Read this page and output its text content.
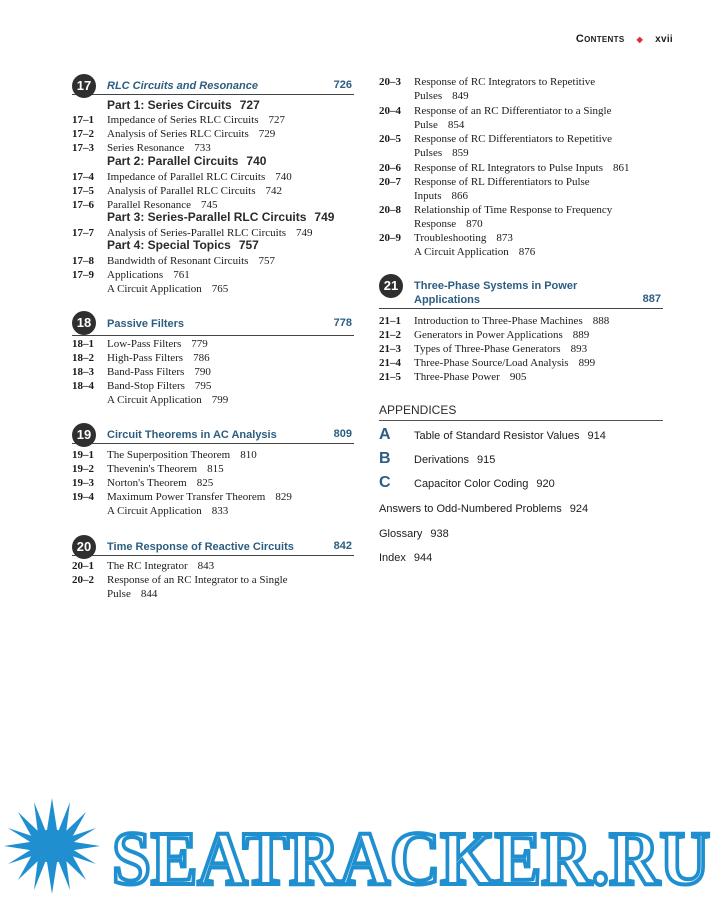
Contents ◆ xvii
17	RLC Circuits and Resonance	726
Part 1: Series Circuits 727
17–1	Impedance of Series RLC Circuits 727
17–2	Analysis of Series RLC Circuits 729
17–3	Series Resonance 733
Part 2: Parallel Circuits 740
17–4	Impedance of Parallel RLC Circuits 740
17–5	Analysis of Parallel RLC Circuits 742
17–6	Parallel Resonance 745
Part 3: Series-Parallel RLC Circuits 749
17–7	Analysis of Series-Parallel RLC Circuits 749
Part 4: Special Topics 757
17–8	Bandwidth of Resonant Circuits 757
17–9	Applications 761
A Circuit Application 765
18	Passive Filters	778
18–1	Low-Pass Filters 779
18–2	High-Pass Filters 786
18–3	Band-Pass Filters 790
18–4	Band-Stop Filters 795
A Circuit Application 799
19	Circuit Theorems in AC Analysis	809
19–1	The Superposition Theorem 810
19–2	Thevenin's Theorem 815
19–3	Norton's Theorem 825
19–4	Maximum Power Transfer Theorem 829
A Circuit Application 833
20	Time Response of Reactive Circuits	842
20–1	The RC Integrator 843
20–2	Response of an RC Integrator to a Single Pulse 844
20–3	Response of RC Integrators to Repetitive Pulses 849
20–4	Response of an RC Differentiator to a Single Pulse 854
20–5	Response of RC Differentiators to Repetitive Pulses 859
20–6	Response of RL Integrators to Pulse Inputs 861
20–7	Response of RL Differentiators to Pulse Inputs 866
20–8	Relationship of Time Response to Frequency Response 870
20–9	Troubleshooting 873
A Circuit Application 876
21	Three-Phase Systems in Power
Applications	887
21–1	Introduction to Three-Phase Machines 888
21–2	Generators in Power Applications 889
21–3	Types of Three-Phase Generators 893
21–4	Three-Phase Source/Load Analysis 899
21–5	Three-Phase Power 905
APPENDICES
A Table of Standard Resistor Values 914
B Derivations 915
C Capacitor Color Coding 920
Answers to Odd-Numbered Problems 924
Glossary 938
Index 944
SEATRACKER.RU
